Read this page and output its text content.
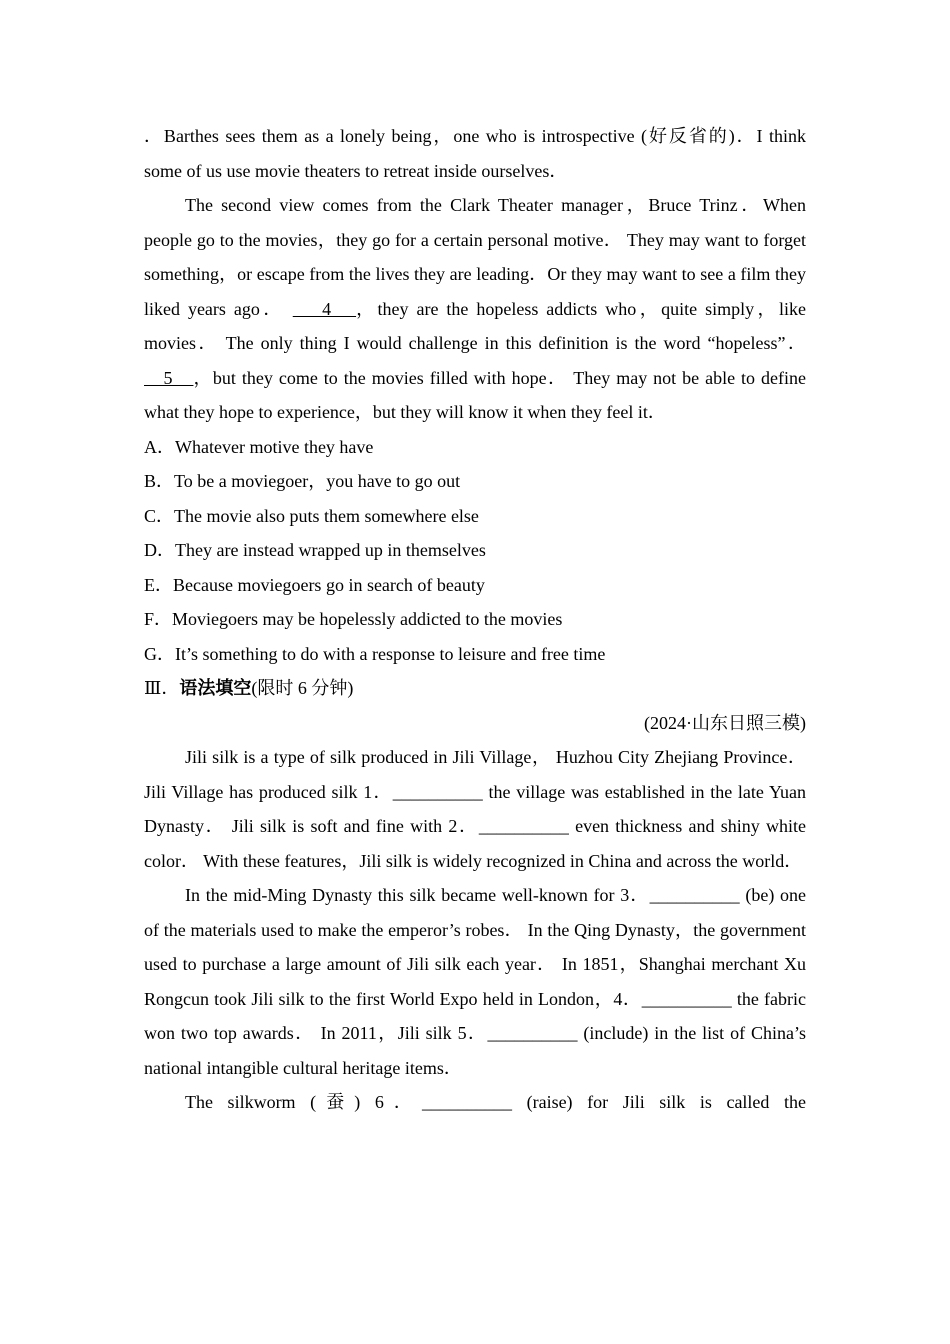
．Barthes sees them as a lonely being，one who is introspective (好反省的)．I think some of us use movie theaters to retreat inside ourselves．

The second view comes from the Clark Theater manager，Bruce Trinz．When people go to the movies，they go for a certain personal motive． They may want to forget something，or escape from the lives they are leading．Or they may want to see a film they liked years ago． 　 4　，they are the hopeless addicts who，quite simply，like movies． The only thing I would challenge in this definition is the word “hopeless”． 　5　，but they come to the movies filled with hope． They may not be able to define what they hope to experience，but they will know it when they feel it．

A．Whatever motive they have

B．To be a moviegoer，you have to go out

C．The movie also puts them somewhere else

D．They are instead wrapped up in themselves

E．Because moviegoers go in search of beauty

F．Moviegoers may be hopelessly addicted to the movies

G．It’s something to do with a response to leisure and free time

Ⅲ．语法填空(限时 6 分钟)

(2024·山东日照三模)

Jili silk is a type of silk produced in Jili Village， Huzhou City Zhejiang Province． Jili Village has produced silk 1．__________ the village was established in the late Yuan Dynasty． Jili silk is soft and fine with 2．__________ even thickness and shiny white color． With these features，Jili silk is widely recognized in China and across the world．

In the mid-Ming Dynasty this silk became well-known for 3．__________ (be) one of the materials used to make the emperor’s robes． In the Qing Dynasty，the government used to purchase a large amount of Jili silk each year． In 1851，Shanghai merchant Xu Rongcun took Jili silk to the first World Expo held in London，4．__________ the fabric won two top awards． In 2011，Jili silk 5．__________ (include) in the list of China’s national intangible cultural heritage items．

The silkworm (蚕) 6．__________ (raise) for Jili silk is called the
